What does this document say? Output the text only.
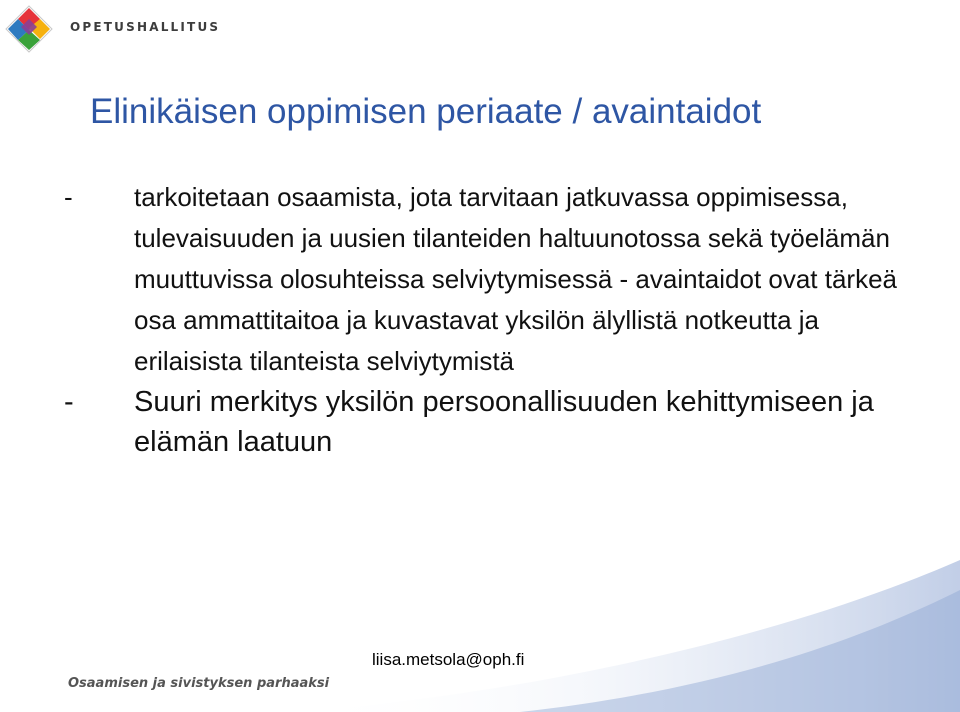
OPETUSHALLITUS
Elinikäisen oppimisen periaate / avaintaidot
-	tarkoitetaan osaamista, jota tarvitaan jatkuvassa oppimisessa, tulevaisuuden ja uusien tilanteiden haltuunotossa sekä työelämän muuttuvissa olosuhteissa selviytymisessä - avaintaidot ovat tärkeä osa ammattitaitoa ja kuvastavat yksilön älyllistä notkeutta ja erilaisista tilanteista selviytymistä
-	Suuri merkitys yksilön persoonallisuuden kehittymiseen ja elämän laatuun
liisa.metsola@oph.fi
Osaamisen ja sivistyksen parhaaksi
